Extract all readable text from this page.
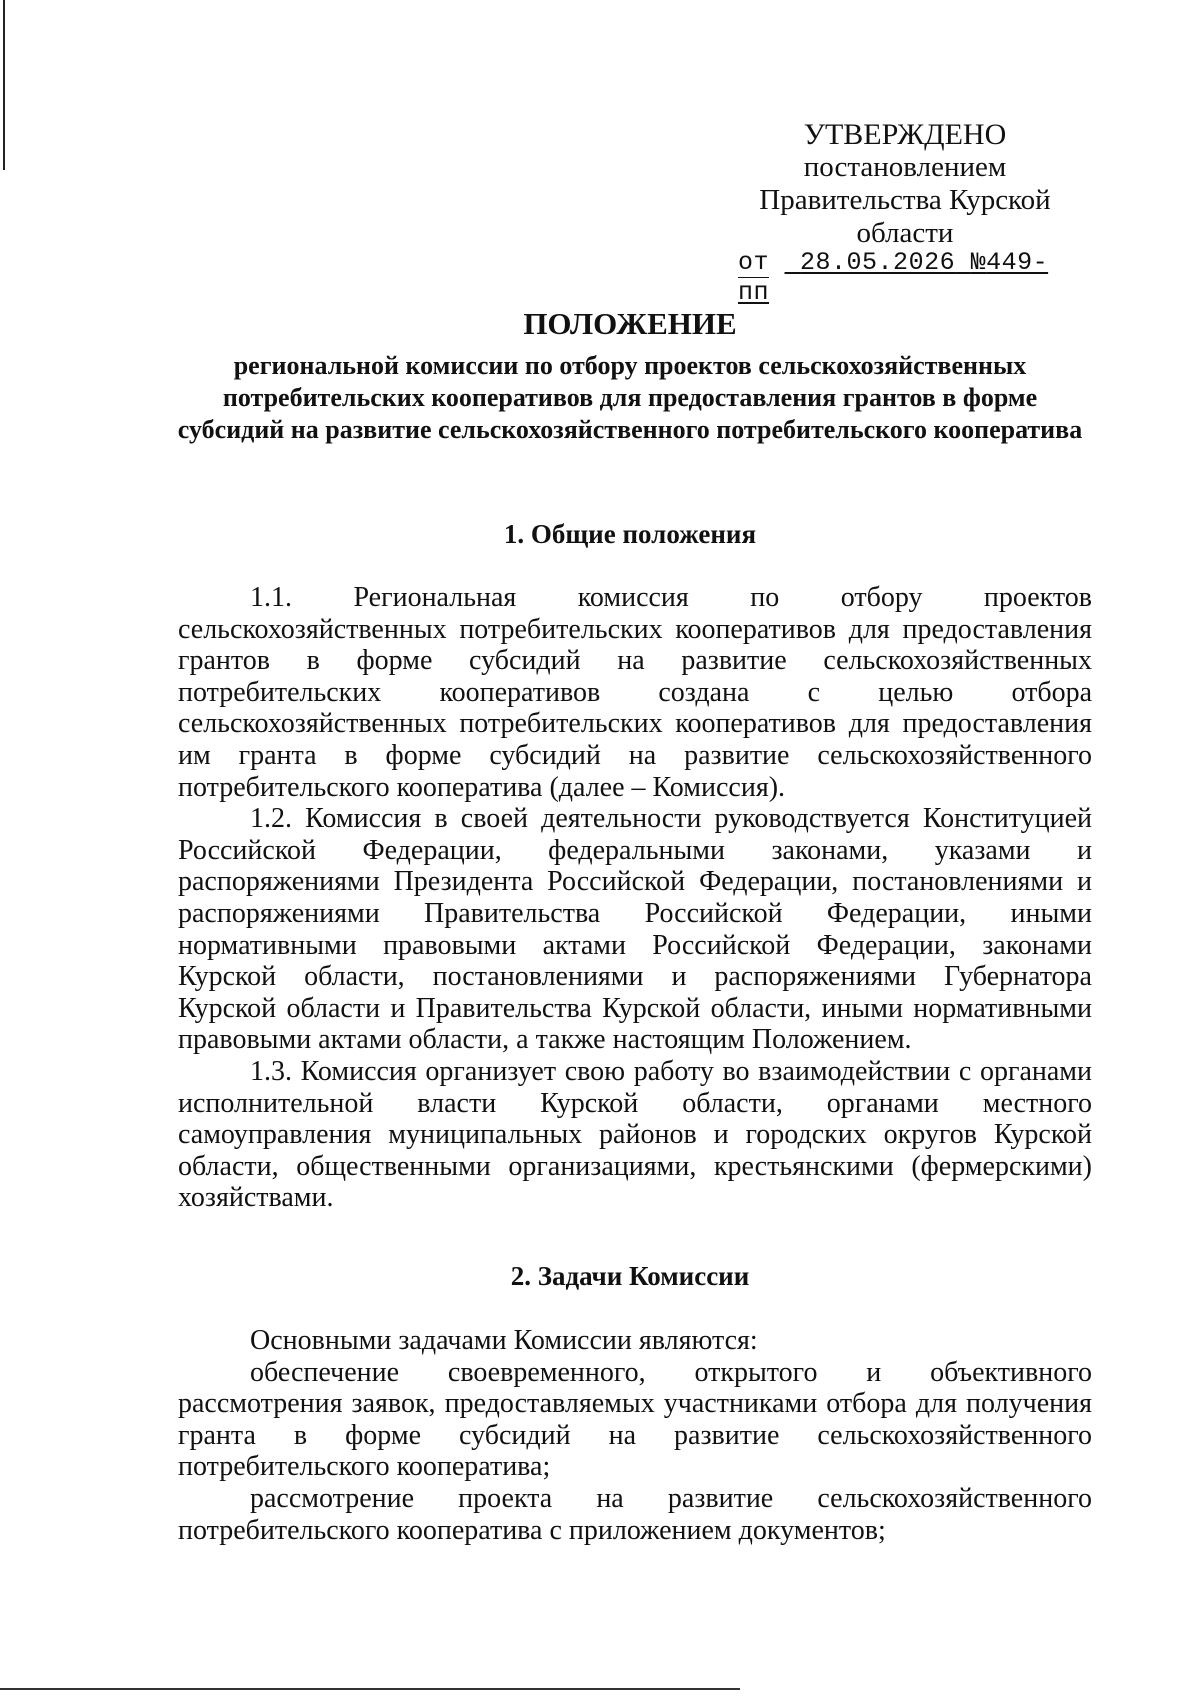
УТВЕРЖДЕНО
постановлением
Правительства Курской
области
от 28.05.2026 №449-пп
ПОЛОЖЕНИЕ
региональной комиссии по отбору проектов сельскохозяйственных потребительских кооперативов для предоставления грантов в форме субсидий на развитие сельскохозяйственного потребительского кооператива
1. Общие положения

1.1. Региональная комиссия по отбору проектов сельскохозяйственных потребительских кооперативов для предоставления грантов в форме субсидий на развитие сельскохозяйственных потребительских кооперативов создана с целью отбора сельскохозяйственных потребительских кооперативов для предоставления им гранта в форме субсидий на развитие сельскохозяйственного потребительского кооператива (далее – Комиссия).

1.2. Комиссия в своей деятельности руководствуется Конституцией Российской Федерации, федеральными законами, указами и распоряжениями Президента Российской Федерации, постановлениями и распоряжениями Правительства Российской Федерации, иными нормативными правовыми актами Российской Федерации, законами Курской области, постановлениями и распоряжениями Губернатора Курской области и Правительства Курской области, иными нормативными правовыми актами области, а также настоящим Положением.

1.3. Комиссия организует свою работу во взаимодействии с органами исполнительной власти Курской области, органами местного самоуправления муниципальных районов и городских округов Курской области, общественными организациями, крестьянскими (фермерскими) хозяйствами.

2. Задачи Комиссии

Основными задачами Комиссии являются:

обеспечение своевременного, открытого и объективного рассмотрения заявок, предоставляемых участниками отбора для получения гранта в форме субсидий на развитие сельскохозяйственного потребительского кооператива;

рассмотрение проекта на развитие сельскохозяйственного потребительского кооператива с приложением документов;
